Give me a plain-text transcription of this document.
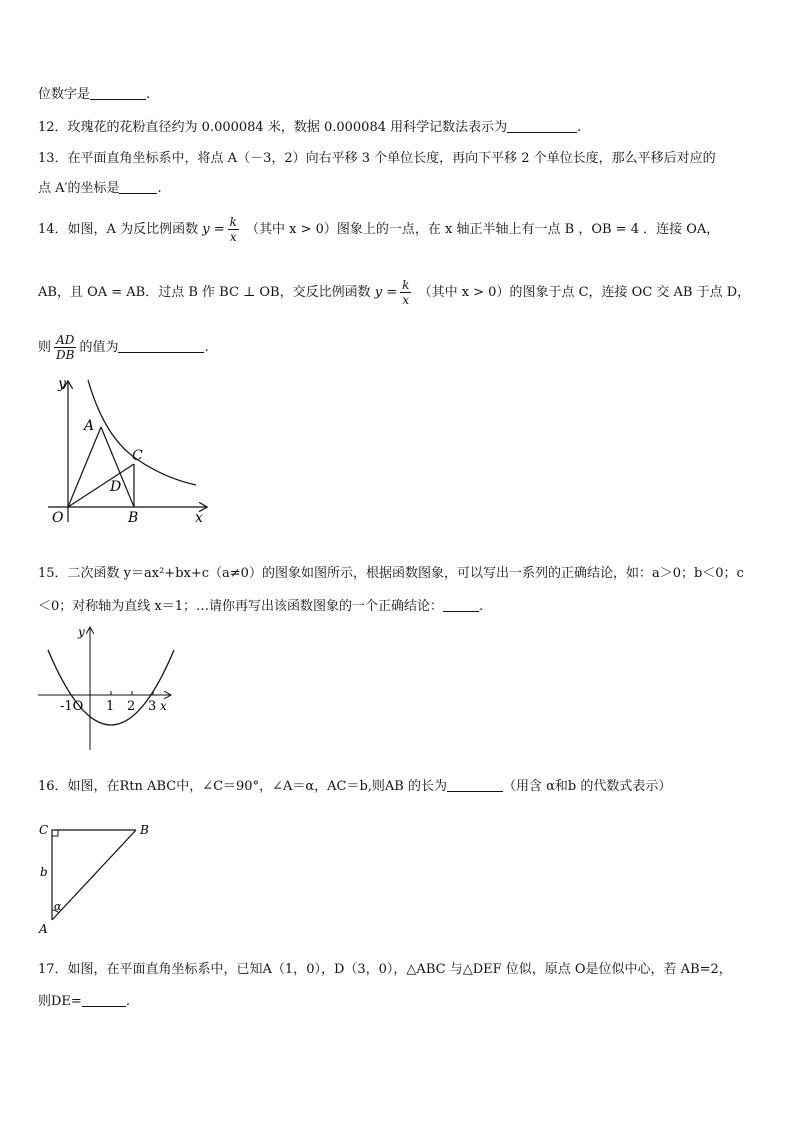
位数字是	.
12．玫瑰花的花粉直径约为 0.000084 米，数据 0.000084 用科学记数法表示为	.
13．在平面直角坐标系中，将点 A（－3，2）向右平移 3 个单位长度，再向下平移 2 个单位长度，那么平移后对应的
点 A′的坐标是	.
14．如图，A 为反比例函数 $y = \frac{k}{x}$ （其中 x > 0）图象上的一点，在 x 轴正半轴上有一点 B ，OB = 4 ．连接 OA，
AB，且 OA = AB．过点 B 作 BC ⊥ OB，交反比例函数 $y = \frac{k}{x}$ （其中 x > 0）的图象于点 C，连接 OC 交 AB 于点 D，
则 $\frac{AD}{DB}$ 的值为	.
y
x
O
A
B
C
D
15．二次函数 y＝ax²+bx+c（a≠0）的图象如图所示，根据函数图象，可以写出一系列的正确结论，如：a＞0；b＜0；c
＜0；对称轴为直线 x＝1；…请你再写出该函数图象的一个正确结论：	.
y
x
-1O 1 2 3
16．如图，在Rtn ABC中，∠C＝90°，∠A＝α，AC＝b,则AB 的长为	（用含 α和b 的代数式表示）
C	B
A
b
α
17．如图，在平面直角坐标系中，已知A（1，0），D（3，0），△ABC 与△DEF 位似，原点 O是位似中心，若 AB=2，
则DE=	.
